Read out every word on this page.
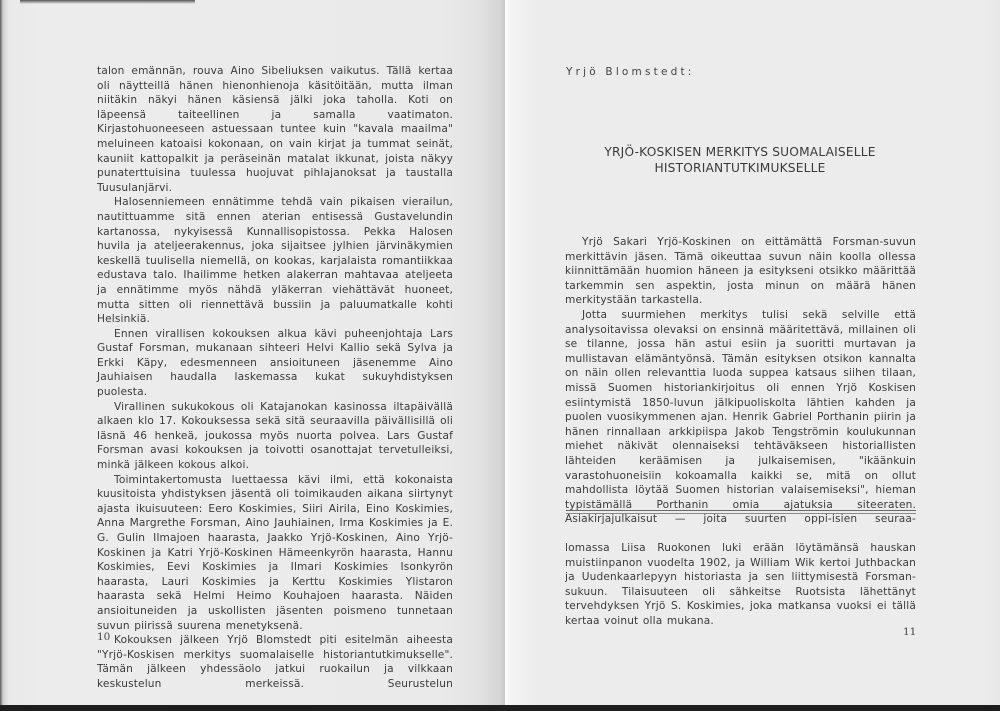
talon emännän, rouva Aino Sibeliuksen vaikutus. Tällä kertaa oli näytteillä hänen hienonhienoja käsitöitään, mutta ilman niitäkin näkyi hänen käsiensä jälki joka taholla. Koti on läpeensä taiteellinen ja samalla vaatimaton. Kirjastohuoneeseen astuessaan tuntee kuin "kavala maailma" meluineen katoaisi kokonaan, on vain kirjat ja tummat seinät, kauniit kattopalkit ja peräseinän matalat ikkunat, joista näkyy punaterttuisina tuulessa huojuvat pihlajanoksat ja taustalla Tuusulanjärvi.

Halosenniemeen ennätimme tehdä vain pikaisen vierailun, nautittuamme sitä ennen aterian entisessä Gustavelundin kartanossa, nykyisessä Kunnallisopistossa. Pekka Halosen huvila ja ateljeerakennus, joka sijaitsee jylhien järvinäkymien keskellä tuulisella niemellä, on kookas, karjalaista romantiikkaa edustava talo. Ihailimme hetken alakerran mahtavaa ateljeeta ja ennätimme myös nähdä yläkerran viehättävät huoneet, mutta sitten oli riennettävä bussiin ja paluumatkalle kohti Helsinkiä.

Ennen virallisen kokouksen alkua kävi puheenjohtaja Lars Gustaf Forsman, mukanaan sihteeri Helvi Kallio sekä Sylva ja Erkki Käpy, edesmenneen ansioituneen jäsenemme Aino Jauhiaisen haudalla laskemassa kukat sukuyhdistyksen puolesta.

Virallinen sukukokous oli Katajanokan kasinossa iltapäivällä alkaen klo 17. Kokouksessa sekä sitä seuraavilla päivällisillä oli läsnä 46 henkeä, joukossa myös nuorta polvea. Lars Gustaf Forsman avasi kokouksen ja toivotti osanottajat tervetulleiksi, minkä jälkeen kokous alkoi.

Toimintakertomusta luettaessa kävi ilmi, että kokonaista kuusitoista yhdistyksen jäsentä oli toimikauden aikana siirtynyt ajasta ikuisuuteen: Eero Koskimies, Siiri Airila, Eino Koskimies, Anna Margrethe Forsman, Aino Jauhiainen, Irma Koskimies ja E. G. Gulin Ilmajoen haarasta, Jaakko Yrjö-Koskinen, Aino Yrjö-Koskinen ja Katri Yrjö-Koskinen Hämeenkyrön haarasta, Hannu Koskimies, Eevi Koskimies ja Ilmari Koskimies Isonkyrön haarasta, Lauri Koskimies ja Kerttu Koskimies Ylistaron haarasta sekä Helmi Heimo Kouhajoen haarasta. Näiden ansioituneiden ja uskollisten jäsenten poismeno tunnetaan suvun piirissä suurena menetyksenä.

Kokouksen jälkeen Yrjö Blomstedt piti esitelmän aiheesta "Yrjö-Koskisen merkitys suomalaiselle historiantutkimukselle". Tämän jälkeen yhdessäolo jatkui ruokailun ja vilkkaan keskustelun merkeissä. Seurustelun

10
Yrjö Blomstedt:
YRJÖ-KOSKISEN MERKITYS SUOMALAISELLE
HISTORIANTUTKIMUKSELLE

Yrjö Sakari Yrjö-Koskinen on eittämättä Forsman-suvun merkittävin jäsen. Tämä oikeuttaa suvun näin koolla ollessa kiinnittämään huomion häneen ja esitykseni otsikko määrittää tarkemmin sen aspektin, josta minun on määrä hänen merkitystään tarkastella.

Jotta suurmiehen merkitys tulisi sekä selville että analysoitavissa olevaksi on ensinnä määritettävä, millainen oli se tilanne, jossa hän astui esiin ja suoritti murtavan ja mullistavan elämäntyönsä. Tämän esityksen otsikon kannalta on näin ollen relevanttia luoda suppea katsaus siihen tilaan, missä Suomen historiankirjoitus oli ennen Yrjö Koskisen esiintymistä 1850-luvun jälkipuoliskolta lähtien kahden ja puolen vuosikymmenen ajan. Henrik Gabriel Porthanin piirin ja hänen rinnallaan arkkipiispa Jakob Tengströmin koulukunnan miehet näkivät olennaiseksi tehtäväkseen historiallisten lähteiden keräämisen ja julkaisemisen, "ikäänkuin varastohuoneisiin kokoamalla kaikki se, mitä on ollut mahdollista löytää Suomen historian valaisemiseksi", hieman typistämällä Porthanin omia ajatuksia siteeraten. Asiakirjajulkaisut — joita suurten oppi-isien seuraa-

lomassa Liisa Ruokonen luki erään löytämänsä hauskan muistiinpanon vuodelta 1902, ja William Wik kertoi Juthbackan ja Uudenkaarlepyyn historiasta ja sen liittymisestä Forsman-sukuun. Tilaisuuteen oli sähkeitse Ruotsista lähettänyt tervehdyksen Yrjö S. Koskimies, joka matkansa vuoksi ei tällä kertaa voinut olla mukana.

11
